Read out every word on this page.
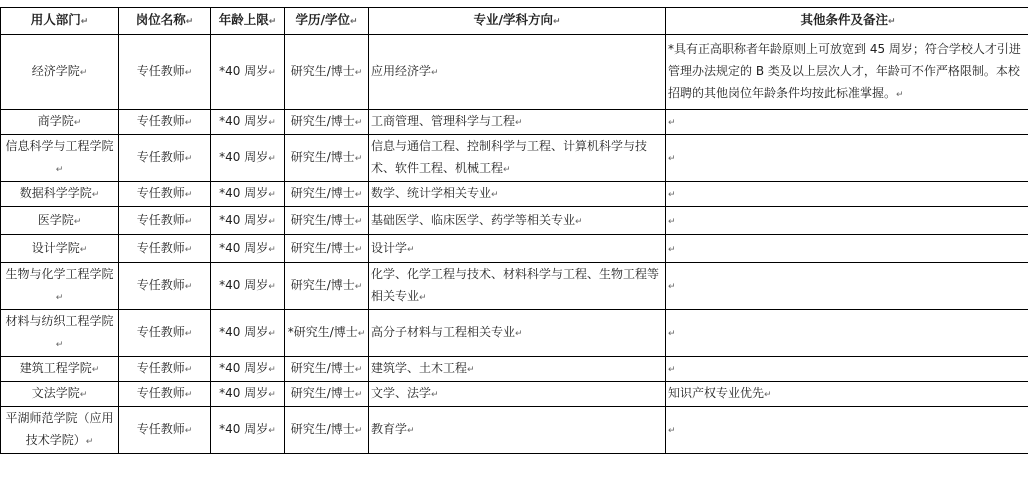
用人部门↵	岗位名称↵	年龄上限↵	学历/学位↵	专业/学科方向↵	其他条件及备注↵
经济学院↵	专任教师↵	*40 周岁↵	研究生/博士↵	应用经济学↵	*具有正高职称者年龄原则上可放宽到 45 周岁；符合学校人才引进管理办法规定的 B 类及以上层次人才，年龄可不作严格限制。本校招聘的其他岗位年龄条件均按此标准掌握。↵
商学院↵	专任教师↵	*40 周岁↵	研究生/博士↵	工商管理、管理科学与工程↵	↵
信息科学与工程学院↵	专任教师↵	*40 周岁↵	研究生/博士↵	信息与通信工程、控制科学与工程、计算机科学与技术、软件工程、机械工程↵	↵
数据科学学院↵	专任教师↵	*40 周岁↵	研究生/博士↵	数学、统计学相关专业↵	↵
医学院↵	专任教师↵	*40 周岁↵	研究生/博士↵	基础医学、临床医学、药学等相关专业↵	↵
设计学院↵	专任教师↵	*40 周岁↵	研究生/博士↵	设计学↵	↵
生物与化学工程学院↵	专任教师↵	*40 周岁↵	研究生/博士↵	化学、化学工程与技术、材料科学与工程、生物工程等相关专业↵	↵
材料与纺织工程学院↵	专任教师↵	*40 周岁↵	*研究生/博士↵	高分子材料与工程相关专业↵	↵
建筑工程学院↵	专任教师↵	*40 周岁↵	研究生/博士↵	建筑学、土木工程↵	↵
文法学院↵	专任教师↵	*40 周岁↵	研究生/博士↵	文学、法学↵	知识产权专业优先↵
平湖师范学院（应用技术学院）↵	专任教师↵	*40 周岁↵	研究生/博士↵	教育学↵	↵
